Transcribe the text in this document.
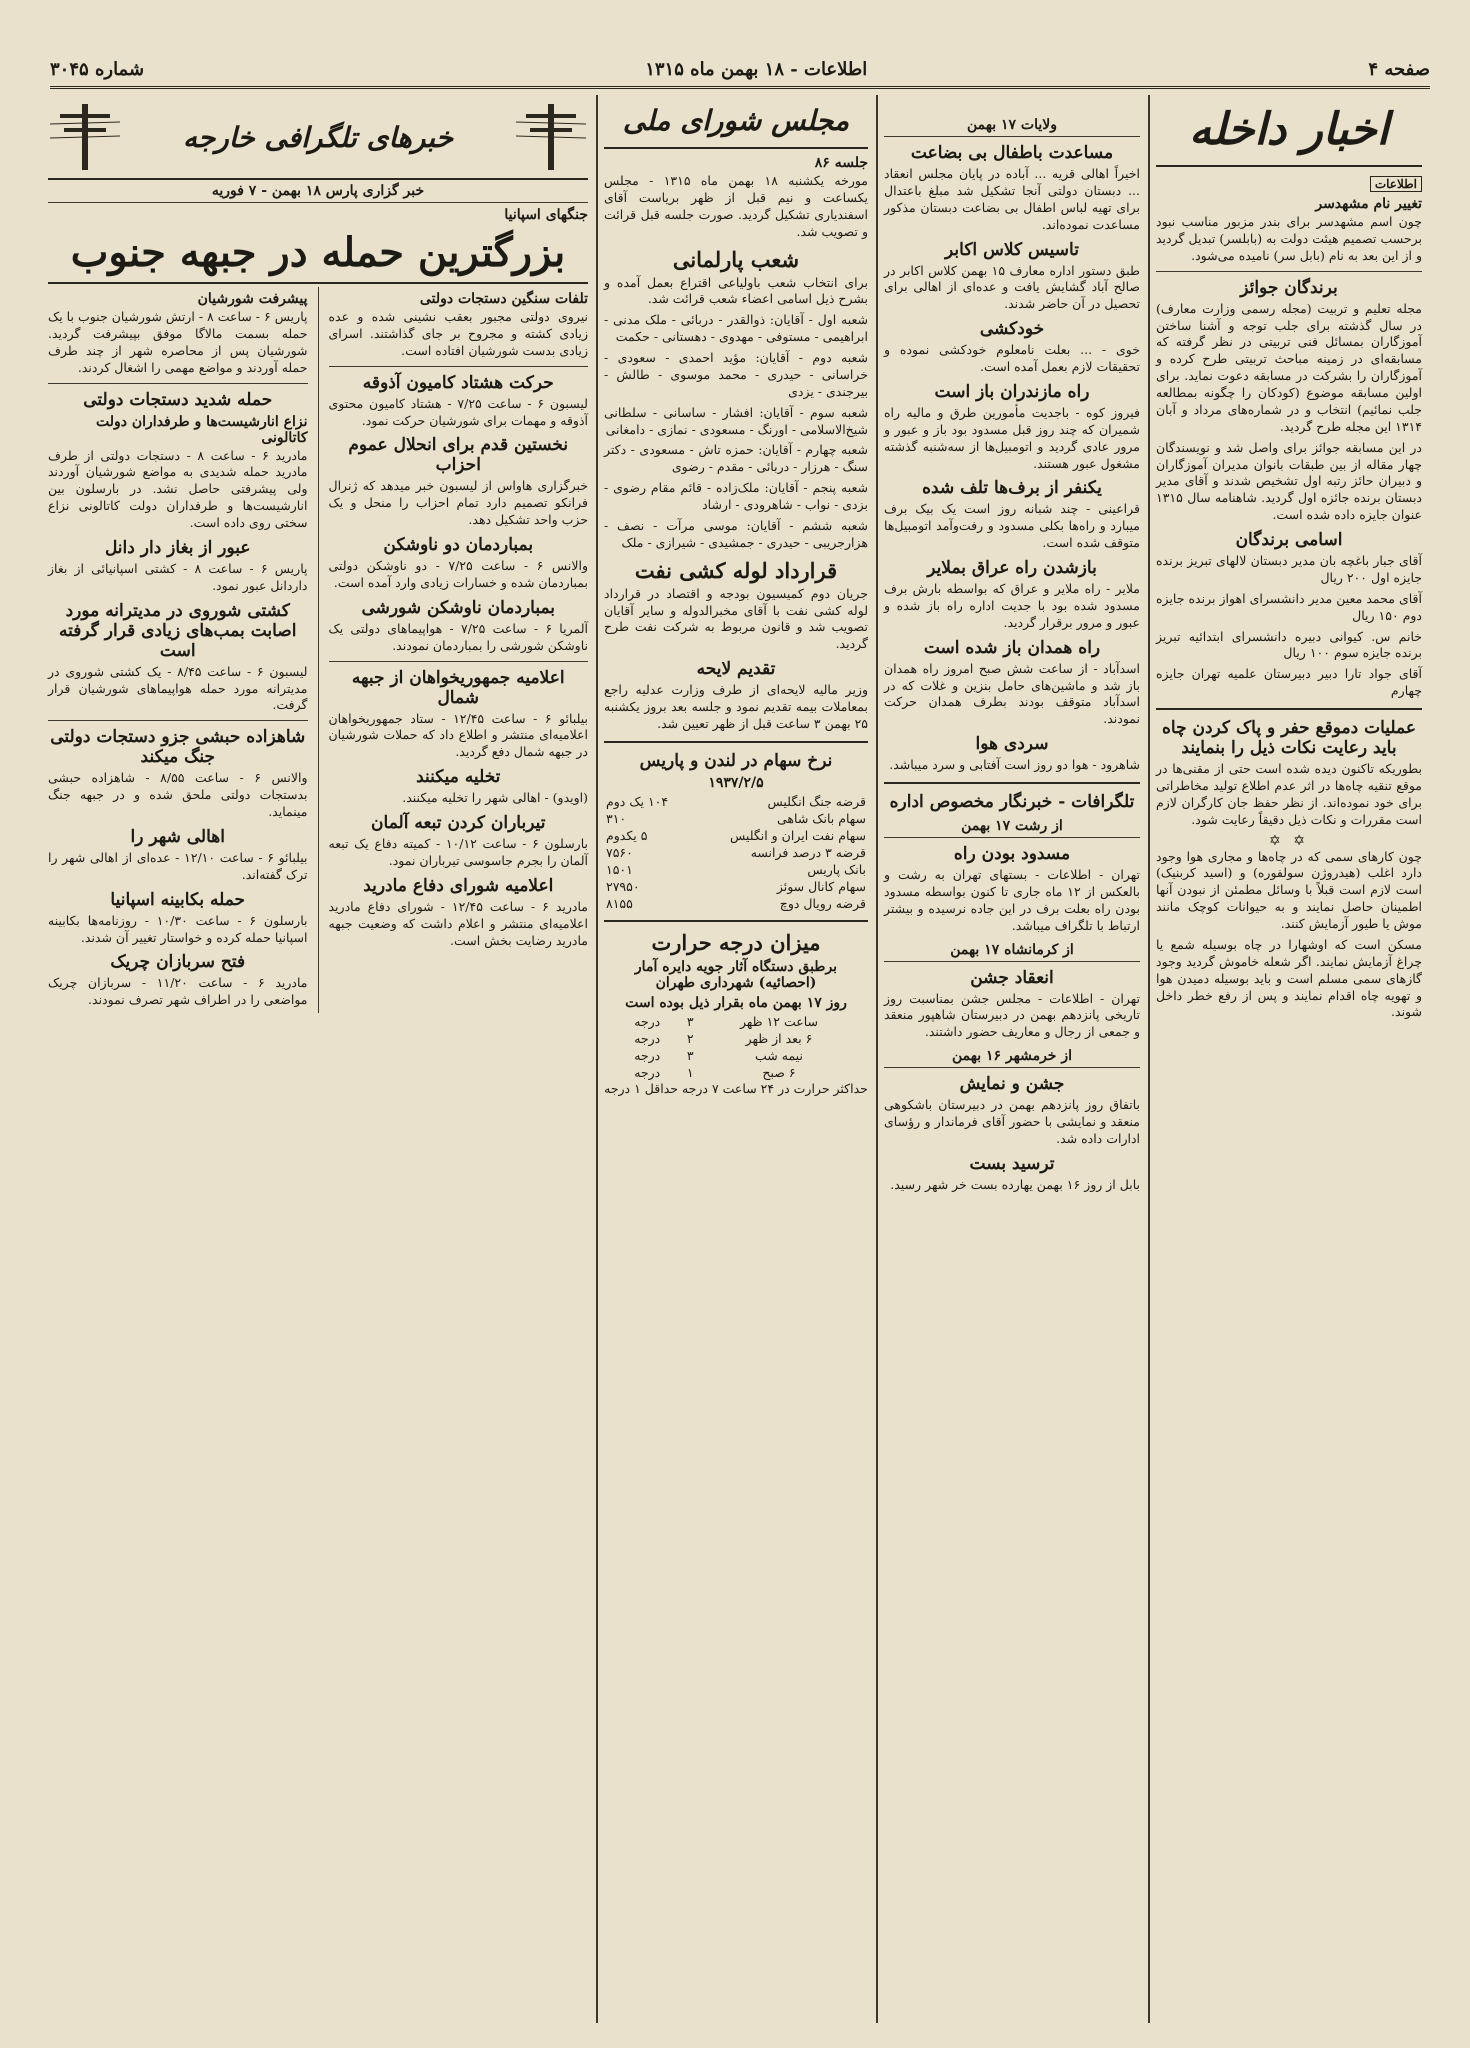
صفحه ۴
اطلاعات - ۱۸ بهمن ماه ۱۳۱۵
شماره ۳۰۴۵
اخبار داخله
اطلاعات
تغییر نام مشهدسر

چون اسم مشهدسر برای بندر مزبور مناسب نبود برحسب تصمیم هیئت دولت به (بابلسر) تبدیل گردید و از این بعد به نام (بابل سر) نامیده می‌شود.

برندگان جوائز

مجله تعلیم و تربیت (مجله رسمی وزارت معارف) در سال گذشته برای جلب توجه و آشنا ساختن آموزگاران بمسائل فنی تربیتی در نظر گرفته که مسابقه‌ای در زمینه مباحث تربیتی طرح کرده و آموزگاران را بشرکت در مسابقه دعوت نماید. برای اولین مسابقه موضوع (کودکان را چگونه بمطالعه جلب نمائیم) انتخاب و در شماره‌های مرداد و آبان ۱۳۱۴ این مجله طرح گردید.

در این مسابقه جوائز برای واصل شد و نویسندگان چهار مقاله از بین طبقات بانوان مدیران آموزگاران و دبیران حائز رتبه اول تشخیص شدند و آقای مدیر دبستان برنده جائزه اول گردید. شاهنامه سال ۱۳۱۵ عنوان جایزه داده شده است.

اسامی برندگان

آقای جبار باغچه بان مدیر دبستان لالهای تبریز برنده جایزه اول ۲۰۰ ریال

آقای محمد معین مدیر دانشسرای اهواز برنده جایزه دوم ۱۵۰ ریال

خانم س. کیوانی دبیره دانشسرای ابتدائیه تبریز برنده جایزه سوم ۱۰۰ ریال

آقای جواد تارا دبیر دبیرستان علمیه تهران جایزه چهارم

عملیات دموقع حفر و پاک کردن چاه باید رعایت نکات ذیل را بنمایند

بطوریکه تاکنون دیده شده است حتی از مقنی‌ها در موقع تنقیه چاه‌ها در اثر عدم اطلاع تولید مخاطراتی برای خود نموده‌اند. از نظر حفظ جان کارگران لازم است مقررات و نکات ذیل دقیقاً رعایت شود.

✡ ✡

چون کارهای سمی که در چاه‌ها و مجاری هوا وجود دارد اغلب (هیدروژن سولفوره) و (اسید کربنیک) است لازم است قبلاً با وسائل مطمئن از نبودن آنها اطمینان حاصل نمایند و به حیوانات کوچک مانند موش یا طیور آزمایش کنند.

مسکن است که اوشهارا در چاه بوسیله شمع یا چراغ آزمایش نمایند. اگر شعله خاموش گردید وجود گازهای سمی مسلم است و باید بوسیله دمیدن هوا و تهویه چاه اقدام نمایند و پس از رفع خطر داخل شوند.

ولایات ۱۷ بهمن
مساعدت باطفال بی بضاعت

اخیراً اهالی قریه ... آباده در پایان مجلس انعقاد ... دبستان دولتی آنجا تشکیل شد مبلغ باعتدال برای تهیه لباس اطفال بی بضاعت دبستان مذکور مساعدت نموده‌اند.

تاسیس کلاس اکابر

طبق دستور اداره معارف ۱۵ بهمن کلاس اکابر در صالح آباد گشایش یافت و عده‌ای از اهالی برای تحصیل در آن حاضر شدند.

خودکشی

خوی - ... بعلت نامعلوم خودکشی نموده و تحقیقات لازم بعمل آمده است.

راه مازندران باز است

فیروز کوه - باجدیت مأمورین طرق و مالیه راه شمیران که چند روز قبل مسدود بود باز و عبور و مرور عادی گردید و اتومبیل‌ها از سه‌شنبه گذشته مشغول عبور هستند.

یکنفر از برف‌ها تلف شده

قراعینی - چند شبانه روز است یک بیک برف میبارد و راه‌ها بکلی مسدود و رفت‌وآمد اتومبیل‌ها متوقف شده است.

بازشدن راه عراق بملایر

ملایر - راه ملایر و عراق که بواسطه بارش برف مسدود شده بود با جدیت اداره راه باز شده و عبور و مرور برقرار گردید.

راه همدان باز شده است

اسدآباد - از ساعت شش صبح امروز راه همدان باز شد و ماشین‌های حامل بنزین و غلات که در اسدآباد متوقف بودند بطرف همدان حرکت نمودند.

سردی هوا

شاهرود - هوا دو روز است آفتابی و سرد میباشد.

تلگرافات - خبرنگار مخصوص اداره
از رشت ۱۷ بهمن
مسدود بودن راه

تهران - اطلاعات - بستهای تهران به رشت و بالعکس از ۱۲ ماه جاری تا کنون بواسطه مسدود بودن راه بعلت برف در این جاده نرسیده و بیشتر ارتباط با تلگراف میباشد.

از کرمانشاه ۱۷ بهمن
انعقاد جشن

تهران - اطلاعات - مجلس جشن بمناسبت روز تاریخی پانزدهم بهمن در دبیرستان شاهپور منعقد و جمعی از رجال و معاریف حضور داشتند.

از خرمشهر ۱۶ بهمن
جشن و نمایش

باتفاق روز پانزدهم بهمن در دبیرستان باشکوهی منعقد و نمایشی با حضور آقای فرماندار و رؤسای ادارات داده شد.

ترسید بست

بابل از روز ۱۶ بهمن یهارده بست خر شهر رسید.

مجلس شورای ملی
جلسه ۸۶

مورخه یکشنبه ۱۸ بهمن ماه ۱۳۱۵ - مجلس یکساعت و نیم قبل از ظهر بریاست آقای اسفندیاری تشکیل گردید. صورت جلسه قبل قرائت و تصویب شد.

شعب پارلمانی

برای انتخاب شعب باولیاعی اقتراع بعمل آمده و بشرح ذیل اسامی اعضاء شعب قرائت شد.

شعبه اول - آقایان: ذوالقدر - دربائی - ملک مدنی - ابراهیمی - مستوفی - مهدوی - دهستانی - حکمت

شعبه دوم - آقایان: مؤید احمدی - سعودی - خراسانی - حیدری - محمد موسوی - طالش - بیرجندی - یزدی

شعبه سوم - آقایان: افشار - ساسانی - سلطانی شیخ‌الاسلامی - اورنگ - مسعودی - نمازی - دامغانی

شعبه چهارم - آقایان: حمزه تاش - مسعودی - دکتر سنگ - هرزار - دربائی - مقدم - رضوی

شعبه پنجم - آقایان: ملک‌زاده - قائم مقام رضوی - بزدی - نواب - شاهرودی - ارشاد

شعبه ششم - آقایان: موسی مرآت - نصف - هزارجریبی - حیدری - جمشیدی - شیرازی - ملک

قرارداد لوله کشی نفت

جریان دوم کمیسیون بودجه و اقتصاد در قرارداد لوله کشی نفت با آقای مخبرالدوله و سایر آقایان تصویب شد و قانون مربوط به شرکت نفت طرح گردید.

تقدیم لایحه

وزیر مالیه لایحه‌ای از طرف وزارت عدلیه راجع بمعاملات بیمه تقدیم نمود و جلسه بعد بروز یکشنبه ۲۵ بهمن ۳ ساعت قبل از ظهر تعیین شد.

نرخ سهام در لندن و پاریس
۱۹۳۷/۲/۵
قرضه جنگ انگلیس	۱۰۴ یک دوم
سهام بانک شاهی	۳۱۰
سهام نفت ایران و انگلیس	۵ یکدوم
قرضه ۳ درصد فرانسه	۷۵۶۰
بانک پاریس	۱۵۰۱
سهام کانال سوئز	۲۷۹۵۰
قرضه رویال دوچ	۸۱۵۵
میزان درجه حرارت
برطبق دستگاه آثار جویه دایره آمار (احصائیه) شهرداری طهران
روز ۱۷ بهمن ماه بقرار ذیل بوده است
ساعت ۱۲ ظهر	۳	درجه
۶ بعد از ظهر	۲	درجه
نیمه شب	۳	درجه
۶ صبح	۱	درجه

حداکثر حرارت در ۲۴ ساعت ۷ درجه حداقل ۱ درجه

خبرهای تلگرافی خارجه
خبر گزاری پارس ۱۸ بهمن - ۷ فوریه
جنگهای اسپانیا
بزرگترین حمله در جبهه جنوب
تلفات سنگین دستجات دولتی

نیروی دولتی مجبور بعقب نشینی شده و عده زیادی کشته و مجروح بر جای گذاشتند. اسرای زیادی بدست شورشیان افتاده است.

حرکت هشتاد کامیون آذوقه

لیسبون ۶ - ساعت ۷/۲۵ - هشتاد کامیون محتوی آذوقه و مهمات برای شورشیان حرکت نمود.

نخستین قدم برای انحلال عموم احزاب

خبرگزاری هاواس از لیسبون خبر میدهد که ژنرال فرانکو تصمیم دارد تمام احزاب را منحل و یک حزب واحد تشکیل دهد.

بمباردمان دو ناوشکن

والانس ۶ - ساعت ۷/۲۵ - دو ناوشکن دولتی بمباردمان شده و خسارات زیادی وارد آمده است.

بمباردمان ناوشکن شورشی

آلمریا ۶ - ساعت ۷/۲۵ - هواپیماهای دولتی یک ناوشکن شورشی را بمباردمان نمودند.

اعلامیه جمهوریخواهان از جبهه شمال

بیلبائو ۶ - ساعت ۱۲/۴۵ - ستاد جمهوریخواهان اعلامیه‌ای منتشر و اطلاع داد که حملات شورشیان در جبهه شمال دفع گردید.

تخلیه میکنند

(اویدو) - اهالی شهر را تخلیه میکنند.

تیرباران کردن تبعه آلمان

بارسلون ۶ - ساعت ۱۰/۱۲ - کمیته دفاع یک تبعه آلمان را بجرم جاسوسی تیرباران نمود.

اعلامیه شورای دفاع مادرید

مادرید ۶ - ساعت ۱۲/۴۵ - شورای دفاع مادرید اعلامیه‌ای منتشر و اعلام داشت که وضعیت جبهه مادرید رضایت بخش است.

پیشرفت شورشیان

پاریس ۶ - ساعت ۸ - ارتش شورشیان جنوب با یک حمله بسمت مالاگا موفق بپیشرفت گردید. شورشیان پس از محاصره شهر از چند طرف حمله آوردند و مواضع مهمی را اشغال کردند.

حمله شدید دستجات دولتی
نزاع انارشیست‌ها و طرفداران دولت کاتالونی

مادرید ۶ - ساعت ۸ - دستجات دولتی از طرف مادرید حمله شدیدی به مواضع شورشیان آوردند ولی پیشرفتی حاصل نشد. در بارسلون بین انارشیست‌ها و طرفداران دولت کاتالونی نزاع سختی روی داده است.

عبور از بغاز دار دانل

پاریس ۶ - ساعت ۸ - کشتی اسپانیائی از بغاز داردانل عبور نمود.

کشتی شوروی در مدیترانه مورد اصابت بمب‌های زیادی قرار گرفته است

لیسبون ۶ - ساعت ۸/۴۵ - یک کشتی شوروی در مدیترانه مورد حمله هواپیماهای شورشیان قرار گرفت.

شاهزاده حبشی جزو دستجات دولتی جنگ میکند

والانس ۶ - ساعت ۸/۵۵ - شاهزاده حبشی بدستجات دولتی ملحق شده و در جبهه جنگ مینماید.

اهالی شهر را

بیلبائو ۶ - ساعت ۱۲/۱۰ - عده‌ای از اهالی شهر را ترک گفته‌اند.

حمله بکابینه اسپانیا

بارسلون ۶ - ساعت ۱۰/۳۰ - روزنامه‌ها بکابینه اسپانیا حمله کرده و خواستار تغییر آن شدند.

فتح سربازان چریک

مادرید ۶ - ساعت ۱۱/۲۰ - سربازان چریک مواضعی را در اطراف شهر تصرف نمودند.
